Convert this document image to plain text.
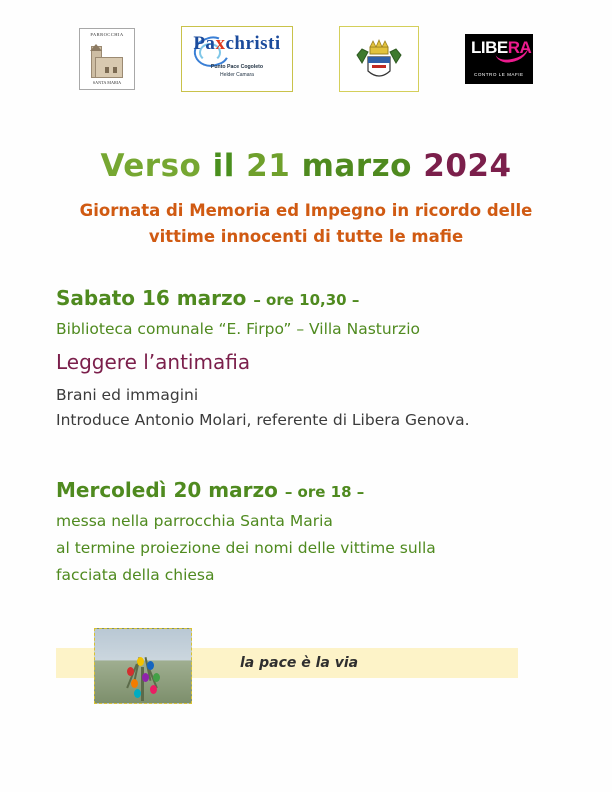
PARROCCHIA
SANTA MARIA
Paxchristi
Punto Pace Cogoleto
Helder Camara
LIBERA
CONTRO LE MAFIE
Verso il 21 marzo 2024
Giornata di Memoria ed Impegno in ricordo delle
vittime innocenti di tutte le mafie
Sabato 16 marzo – ore 10,30 –
Biblioteca comunale “E. Firpo” – Villa Nasturzio
Leggere l’antimafia
Brani ed immagini
Introduce Antonio Molari, referente di Libera Genova.
Mercoledì 20 marzo – ore 18 –
messa nella parrocchia Santa Maria
al termine proiezione dei nomi delle vittime sulla
facciata della chiesa
la pace è la via
